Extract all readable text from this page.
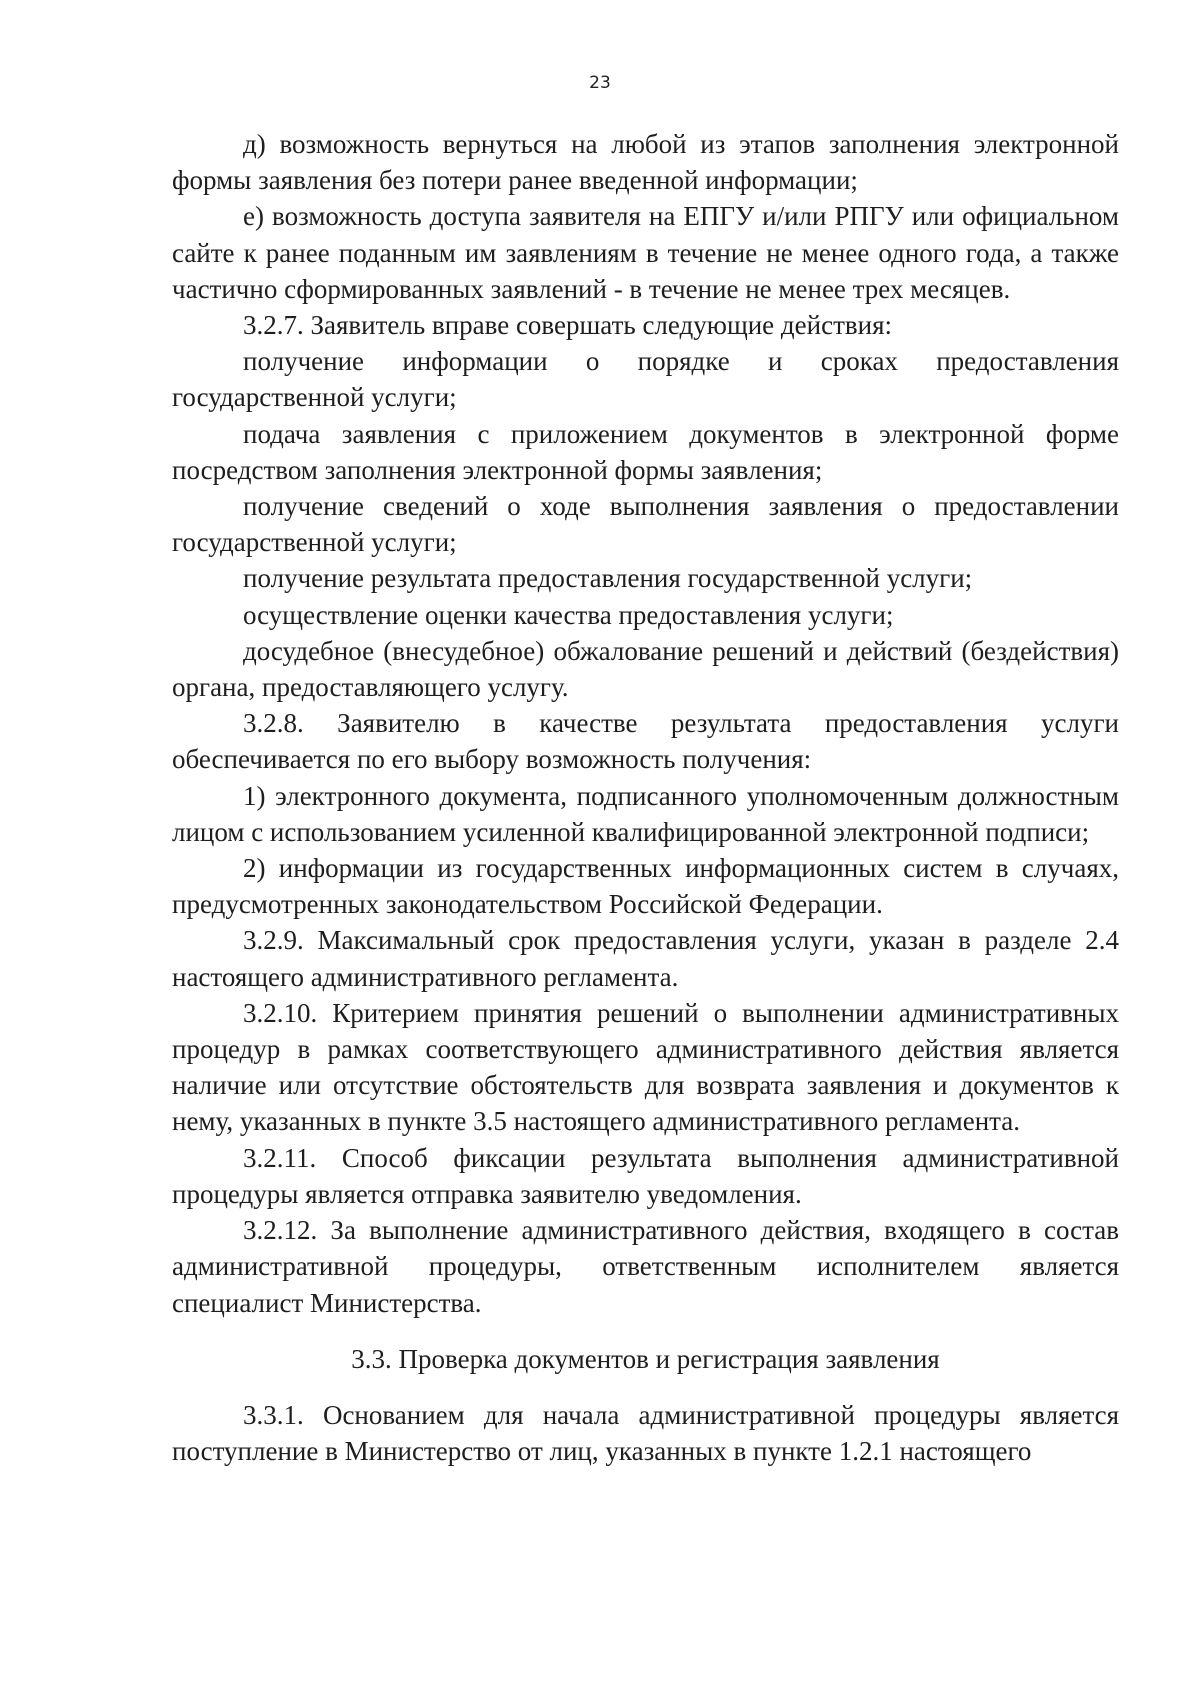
23

д) возможность вернуться на любой из этапов заполнения электронной формы заявления без потери ранее введенной информации;

е) возможность доступа заявителя на ЕПГУ и/или РПГУ или официальном сайте к ранее поданным им заявлениям в течение не менее одного года, а также частично сформированных заявлений - в течение не менее трех месяцев.

3.2.7. Заявитель вправе совершать следующие действия:

получение информации о порядке и сроках предоставления государственной услуги;

подача заявления с приложением документов в электронной форме посредством заполнения электронной формы заявления;

получение сведений о ходе выполнения заявления о предоставлении государственной услуги;

получение результата предоставления государственной услуги;

осуществление оценки качества предоставления услуги;

досудебное (внесудебное) обжалование решений и действий (бездействия) органа, предоставляющего услугу.

3.2.8. Заявителю в качестве результата предоставления услуги обеспечивается по его выбору возможность получения:

1) электронного документа, подписанного уполномоченным должностным лицом с использованием усиленной квалифицированной электронной подписи;

2) информации из государственных информационных систем в случаях, предусмотренных законодательством Российской Федерации.

3.2.9. Максимальный срок предоставления услуги, указан в разделе 2.4 настоящего административного регламента.

3.2.10. Критерием принятия решений о выполнении административных процедур в рамках соответствующего административного действия является наличие или отсутствие обстоятельств для возврата заявления и документов к нему, указанных в пункте 3.5 настоящего административного регламента.

3.2.11. Способ фиксации результата выполнения административной процедуры является отправка заявителю уведомления.

3.2.12. За выполнение административного действия, входящего в состав административной процедуры, ответственным исполнителем является специалист Министерства.

3.3. Проверка документов и регистрация заявления

3.3.1. Основанием для начала административной процедуры является поступление в Министерство от лиц, указанных в пункте 1.2.1 настоящего
